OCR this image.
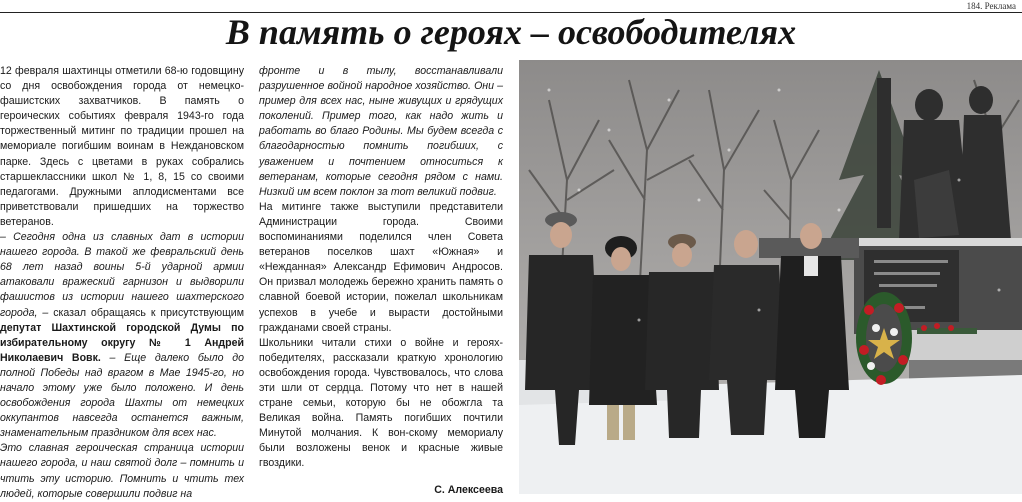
184. Реклама
В память о героях – освободителях

12 февраля шахтинцы отметили 68-ю годовщину со дня освобождения города от немецко-фашистских захватчиков. В память о героических событиях февраля 1943-го года торжественный митинг по традиции прошел на мемориале погибшим воинам в Неждановском парке. Здесь с цветами в руках собрались старшеклассники школ № 1, 8, 15 со своими педагогами. Дружными аплодисментами все приветствовали пришедших на торжество ветеранов.

– Сегодня одна из славных дат в истории нашего города. В такой же февральский день 68 лет назад воины 5-й ударной армии атаковали вражеский гарнизон и выдворили фашистов из истории нашего шахтерского города, – сказал обращаясь к присутствующим депутат Шахтинской городской Думы по избирательному округу № 1 Андрей Николаевич Вовк. – Еще далеко было до полной Победы над врагом в Мае 1945-го, но начало этому уже было положено. И день освобождения города Шахты от немецких оккупантов навсегда останется важным, знаменательным праздником для всех нас.

Это славная героическая страница истории нашего города, и наш святой долг – помнить и чтить эту историю. Помнить и чтить тех людей, которые совершили подвиг на

фронте и в тылу, восстанавливали разрушенное войной народное хозяйство. Они – пример для всех нас, ныне живущих и грядущих поколений. Пример того, как надо жить и работать во благо Родины. Мы будем всегда с благодарностью помнить погибших, с уважением и почтением относиться к ветеранам, которые сегодня рядом с нами. Низкий им всем поклон за тот великий подвиг.

На митинге также выступили представители Администрации города. Своими воспоминаниями поделился член Совета ветеранов поселков шахт «Южная» и «Нежданная» Александр Ефимович Андросов. Он призвал молодежь бережно хранить память о славной боевой истории, пожелал школьникам успехов в учебе и вырасти достойными гражданами своей страны.

Школьники читали стихи о войне и героях-победителях, рассказали краткую хронологию освобождения города. Чувствовалось, что слова эти шли от сердца. Потому что нет в нашей стране семьи, которую бы не обожгла та Великая война. Память погибших почтили Минутой молчания. К вон-скому мемориалу были возложены венок и красные живые гвоздики.

С. Алексеева
